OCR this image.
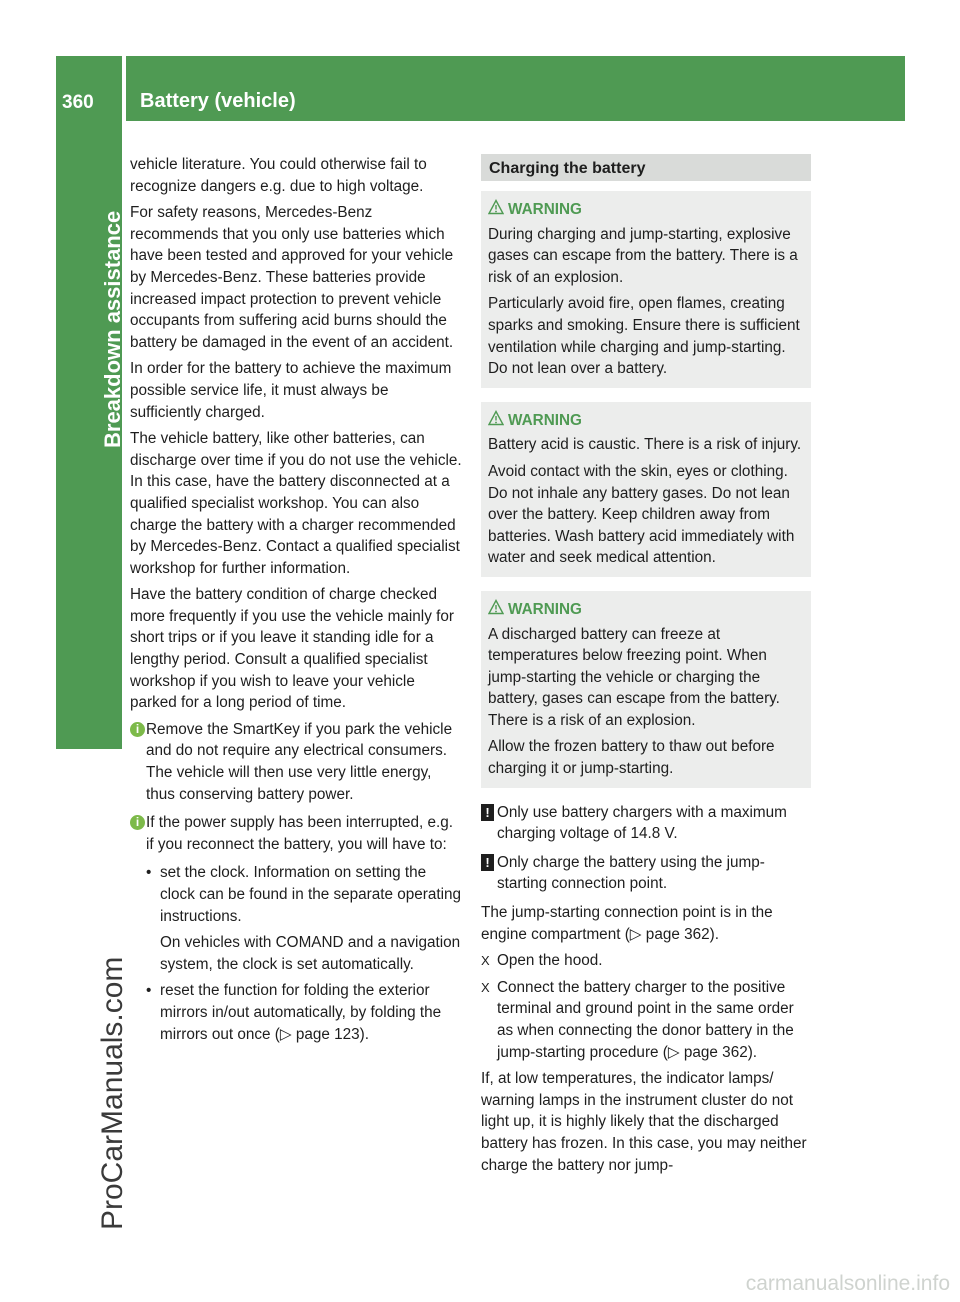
360 Battery (vehicle)
Breakdown assistance
ProCarManuals.com
carmanualsonline.info

vehicle literature. You could otherwise fail to recognize dangers e.g. due to high voltage.

For safety reasons, Mercedes-Benz recommends that you only use batteries which have been tested and approved for your vehicle by Mercedes-Benz. These batteries provide increased impact protection to prevent vehicle occupants from suffering acid burns should the battery be damaged in the event of an accident.

In order for the battery to achieve the maximum possible service life, it must always be sufficiently charged.

The vehicle battery, like other batteries, can discharge over time if you do not use the vehicle. In this case, have the battery disconnected at a qualified specialist workshop. You can also charge the battery with a charger recommended by Mercedes-Benz. Contact a qualified specialist workshop for further information.

Have the battery condition of charge checked more frequently if you use the vehicle mainly for short trips or if you leave it standing idle for a lengthy period. Consult a qualified specialist workshop if you wish to leave your vehicle parked for a long period of time.

i Remove the SmartKey if you park the vehicle and do not require any electrical consumers. The vehicle will then use very little energy, thus conserving battery power.
i If the power supply has been interrupted, e.g. if you reconnect the battery, you will have to:
• set the clock. Information on setting the clock can be found in the separate operating instructions.
On vehicles with COMAND and a navigation system, the clock is set automatically.
• reset the function for folding the exterior mirrors in/out automatically, by folding the mirrors out once (▷ page 123).
Charging the battery
WARNING

During charging and jump-starting, explosive gases can escape from the battery. There is a risk of an explosion.

Particularly avoid fire, open flames, creating sparks and smoking. Ensure there is sufficient ventilation while charging and jump-starting. Do not lean over a battery.

WARNING

Battery acid is caustic. There is a risk of injury.

Avoid contact with the skin, eyes or clothing. Do not inhale any battery gases. Do not lean over the battery. Keep children away from batteries. Wash battery acid immediately with water and seek medical attention.

WARNING

A discharged battery can freeze at temperatures below freezing point. When jump-starting the vehicle or charging the battery, gases can escape from the battery. There is a risk of an explosion.

Allow the frozen battery to thaw out before charging it or jump-starting.

! Only use battery chargers with a maximum charging voltage of 14.8 V.
! Only charge the battery using the jump-starting connection point.

The jump-starting connection point is in the engine compartment (▷ page 362).

X Open the hood.
X Connect the battery charger to the positive terminal and ground point in the same order as when connecting the donor battery in the jump-starting procedure (▷ page 362).

If, at low temperatures, the indicator lamps/ warning lamps in the instrument cluster do not light up, it is highly likely that the discharged battery has frozen. In this case, you may neither charge the battery nor jump-
